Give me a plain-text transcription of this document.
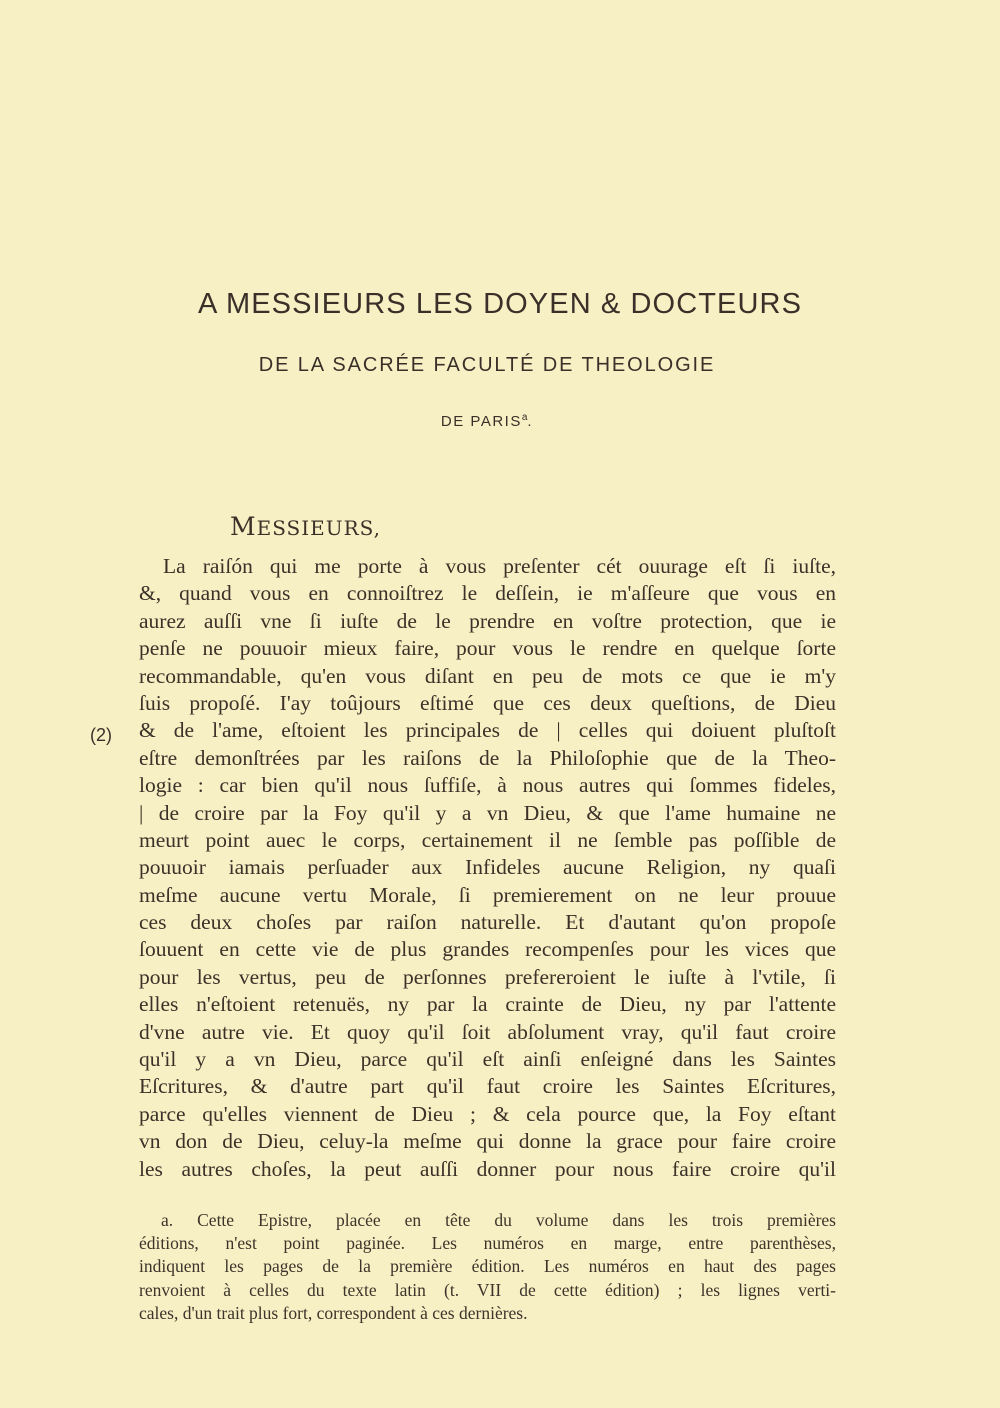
A MESSIEURS LES DOYEN & DOCTEURS
DE LA SACRÉE FACULTÉ DE THEOLOGIE
DE PARIS$^a$.
MESSIEURS,
(2)
La raiſón qui me porte à vous preſenter cét ouurage eſt ſi iuſte,
&, quand vous en connoiſtrez le deſſein, ie m'aſſeure que vous en
aurez auſſi vne ſi iuſte de le prendre en voſtre protection, que ie
penſe ne pouuoir mieux faire, pour vous le rendre en quelque ſorte
recommandable, qu'en vous diſant en peu de mots ce que ie m'y
ſuis propoſé. I'ay toûjours eſtimé que ces deux queſtions, de Dieu
& de l'ame, eſtoient les principales de | celles qui doiuent pluſtoſt
eſtre demonſtrées par les raiſons de la Philoſophie que de la Theo-
logie : car bien qu'il nous ſuffiſe, à nous autres qui ſommes fideles,
| de croire par la Foy qu'il y a vn Dieu, & que l'ame humaine ne
meurt point auec le corps, certainement il ne ſemble pas poſſible de
pouuoir iamais perſuader aux Infideles aucune Religion, ny quaſi
meſme aucune vertu Morale, ſi premierement on ne leur prouue
ces deux choſes par raiſon naturelle. Et d'autant qu'on propoſe
ſouuent en cette vie de plus grandes recompenſes pour les vices que
pour les vertus, peu de perſonnes prefereroient le iuſte à l'vtile, ſi
elles n'eſtoient retenuës, ny par la crainte de Dieu, ny par l'attente
d'vne autre vie. Et quoy qu'il ſoit abſolument vray, qu'il faut croire
qu'il y a vn Dieu, parce qu'il eſt ainſi enſeigné dans les Saintes
Eſcritures, & d'autre part qu'il faut croire les Saintes Eſcritures,
parce qu'elles viennent de Dieu ; & cela pource que, la Foy eſtant
vn don de Dieu, celuy-la meſme qui donne la grace pour faire croire
les autres choſes, la peut auſſi donner pour nous faire croire qu'il
a. Cette Epistre, placée en tête du volume dans les trois premières
éditions, n'est point paginée. Les numéros en marge, entre parenthèses,
indiquent les pages de la première édition. Les numéros en haut des pages
renvoient à celles du texte latin (t. VII de cette édition) ; les lignes verti-
cales, d'un trait plus fort, correspondent à ces dernières.
